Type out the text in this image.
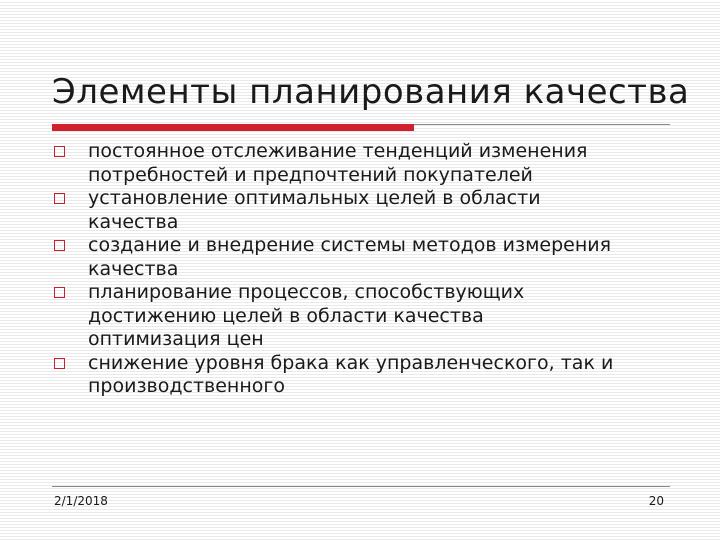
Элементы планирования качества
постоянное отслеживание тенденций изменения
потребностей и предпочтений покупателей
установление оптимальных целей в области
качества
создание и внедрение системы методов измерения
качества
планирование процессов, способствующих
достижению целей в области качества
оптимизация цен
снижение уровня брака как управленческого, так и
производственного
2/1/2018	20
